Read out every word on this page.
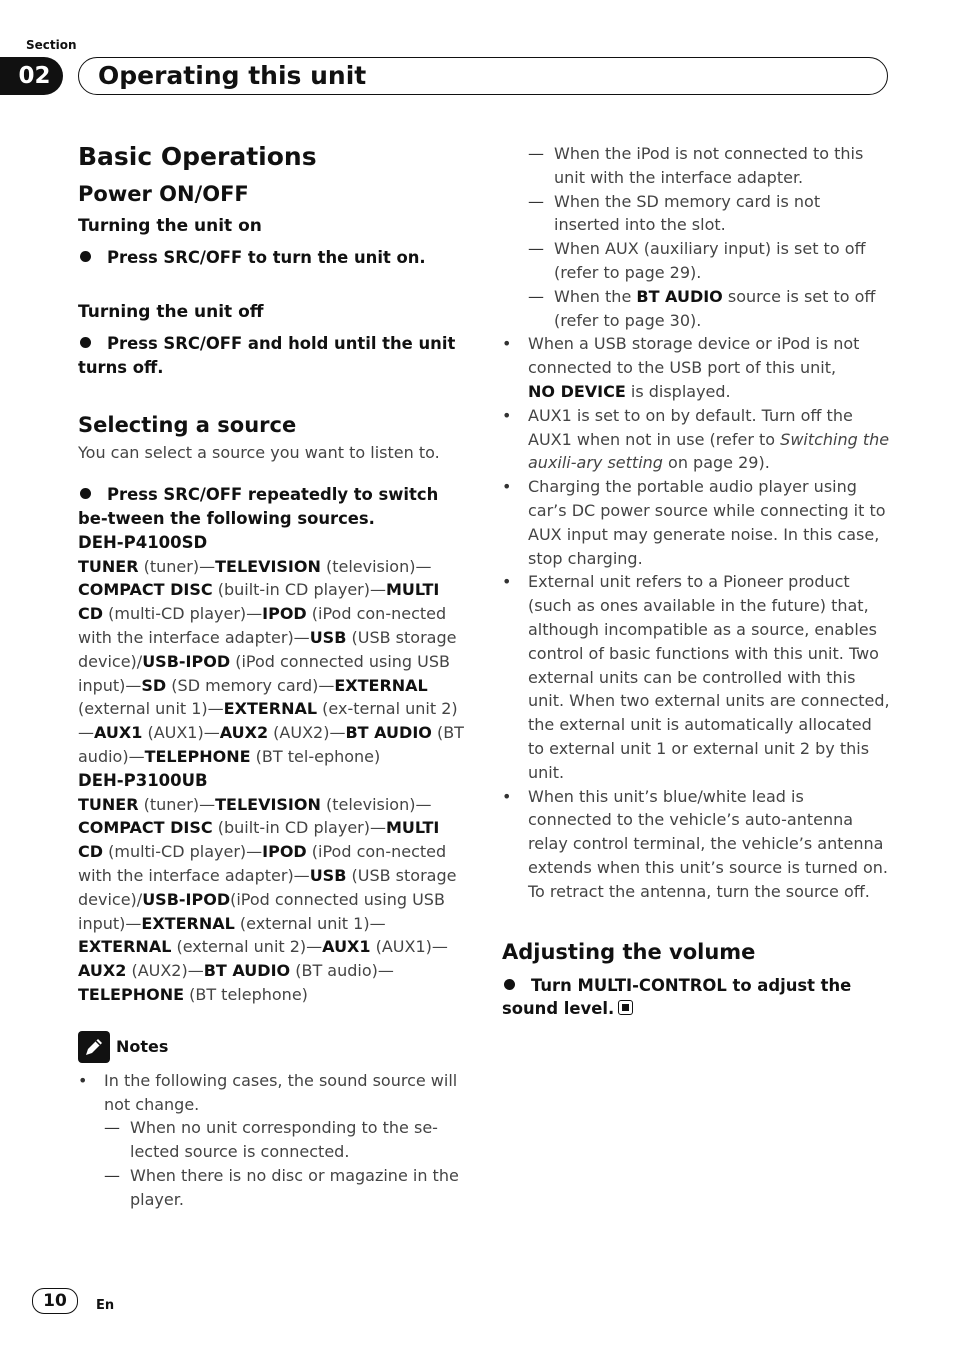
Section
02	Operating this unit
Basic Operations
Power ON/OFF
Turning the unit on

Press SRC/OFF to turn the unit on.

Turning the unit off

Press SRC/OFF and hold until the unit turns off.

Selecting a source

You can select a source you want to listen to.

Press SRC/OFF repeatedly to switch be-tween the following sources.

DEH-P4100SD

TUNER (tuner)—TELEVISION (television)—COMPACT DISC (built-in CD player)—MULTI CD (multi-CD player)—IPOD (iPod con-nected with the interface adapter)—USB (USB storage device)/USB-IPOD (iPod connected using USB input)—SD (SD memory card)—EXTERNAL (external unit 1)—EXTERNAL (ex-ternal unit 2)—AUX1 (AUX1)—AUX2 (AUX2)—BT AUDIO (BT audio)—TELEPHONE (BT tel-ephone)

DEH-P3100UB

TUNER (tuner)—TELEVISION (television)—COMPACT DISC (built-in CD player)—MULTI CD (multi-CD player)—IPOD (iPod con-nected with the interface adapter)—USB (USB storage device)/USB-IPOD(iPod connected using USB input)—EXTERNAL (external unit 1)—EXTERNAL (external unit 2)—AUX1 (AUX1)—AUX2 (AUX2)—BT AUDIO (BT audio)—TELEPHONE (BT telephone)

Notes
• In the following cases, the sound source will not change.
— When no unit corresponding to the se-lected source is connected.
— When there is no disc or magazine in the player.
— When the iPod is not connected to this unit with the interface adapter.
— When the SD memory card is not inserted into the slot.
— When AUX (auxiliary input) is set to off (refer to page 29).
— When the BT AUDIO source is set to off (refer to page 30).
• When a USB storage device or iPod is not connected to the USB port of this unit,
NO DEVICE is displayed.
• AUX1 is set to on by default. Turn off the AUX1 when not in use (refer to Switching the auxili-ary setting on page 29).
• Charging the portable audio player using car’s DC power source while connecting it to AUX input may generate noise. In this case, stop charging.
• External unit refers to a Pioneer product (such as ones available in the future) that, although incompatible as a source, enables control of basic functions with this unit. Two external units can be controlled with this unit. When two external units are connected, the external unit is automatically allocated to external unit 1 or external unit 2 by this unit.
• When this unit’s blue/white lead is connected to the vehicle’s auto-antenna relay control terminal, the vehicle’s antenna extends when this unit’s source is turned on. To retract the antenna, turn the source off.
Adjusting the volume

Turn MULTI-CONTROL to adjust the sound level.

10	En
